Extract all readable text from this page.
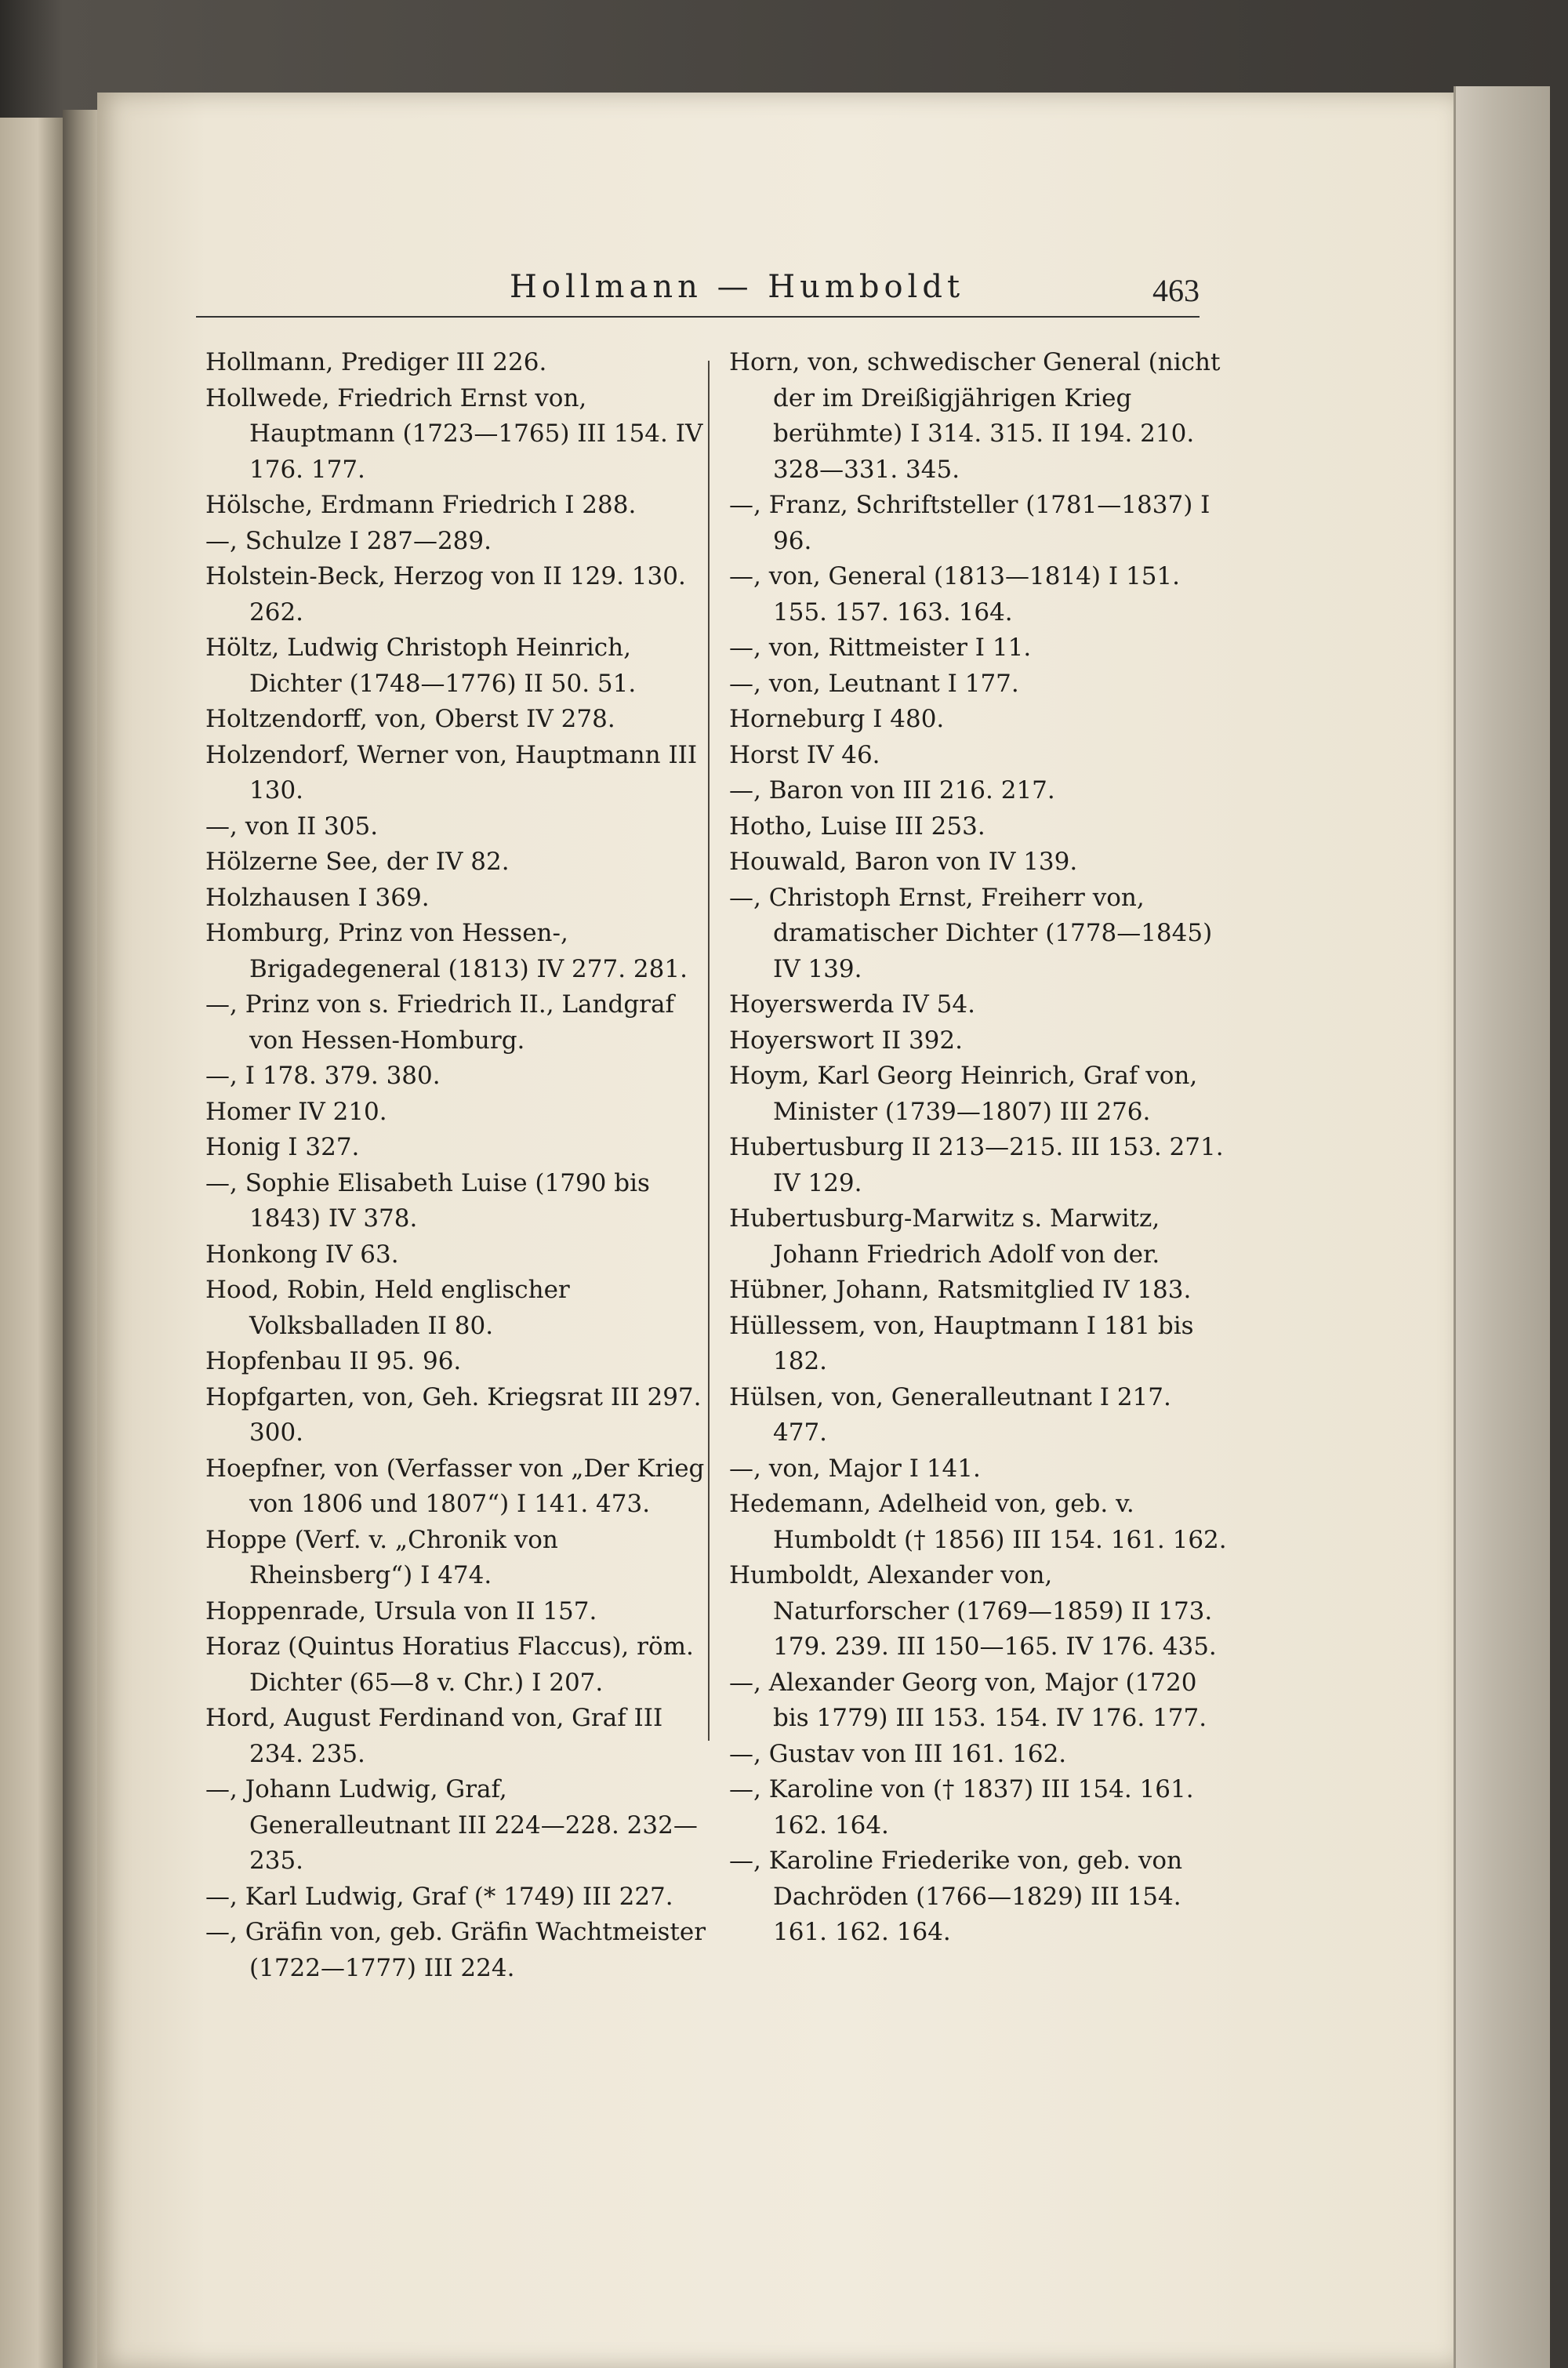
Hollmann — Humboldt	463

Hollmann, Prediger III 226.

Hollwede, Friedrich Ernst von, Hauptmann (1723—1765) III 154. IV 176. 177.

Hölsche, Erdmann Friedrich I 288.

—, Schulze I 287—289.

Holstein-Beck, Herzog von II 129. 130. 262.

Höltz, Ludwig Christoph Heinrich, Dichter (1748—1776) II 50. 51.

Holtzendorff, von, Oberst IV 278.

Holzendorf, Werner von, Hauptmann III 130.

—, von II 305.

Hölzerne See, der IV 82.

Holzhausen I 369.

Homburg, Prinz von Hessen-, Brigadegeneral (1813) IV 277. 281.

—, Prinz von s. Friedrich II., Landgraf von Hessen-Homburg.

—, I 178. 379. 380.

Homer IV 210.

Honig I 327.

—, Sophie Elisabeth Luise (1790 bis 1843) IV 378.

Honkong IV 63.

Hood, Robin, Held englischer Volksballaden II 80.

Hopfenbau II 95. 96.

Hopfgarten, von, Geh. Kriegsrat III 297. 300.

Hoepfner, von (Verfasser von „Der Krieg von 1806 und 1807“) I 141. 473.

Hoppe (Verf. v. „Chronik von Rheinsberg“) I 474.

Hoppenrade, Ursula von II 157.

Horaz (Quintus Horatius Flaccus), röm. Dichter (65—8 v. Chr.) I 207.

Hord, August Ferdinand von, Graf III 234. 235.

—, Johann Ludwig, Graf, Generalleutnant III 224—228. 232—235.

—, Karl Ludwig, Graf (* 1749) III 227.

—, Gräfin von, geb. Gräfin Wachtmeister (1722—1777) III 224.

Horn, von, schwedischer General (nicht der im Dreißigjährigen Krieg berühmte) I 314. 315. II 194. 210. 328—331. 345.

—, Franz, Schriftsteller (1781—1837) I 96.

—, von, General (1813—1814) I 151. 155. 157. 163. 164.

—, von, Rittmeister I 11.

—, von, Leutnant I 177.

Horneburg I 480.

Horst IV 46.

—, Baron von III 216. 217.

Hotho, Luise III 253.

Houwald, Baron von IV 139.

—, Christoph Ernst, Freiherr von, dramatischer Dichter (1778—1845) IV 139.

Hoyerswerda IV 54.

Hoyerswort II 392.

Hoym, Karl Georg Heinrich, Graf von, Minister (1739—1807) III 276.

Hubertusburg II 213—215. III 153. 271. IV 129.

Hubertusburg-Marwitz s. Marwitz, Johann Friedrich Adolf von der.

Hübner, Johann, Ratsmitglied IV 183.

Hüllessem, von, Hauptmann I 181 bis 182.

Hülsen, von, Generalleutnant I 217. 477.

—, von, Major I 141.

Hedemann, Adelheid von, geb. v. Humboldt († 1856) III 154. 161. 162.

Humboldt, Alexander von, Naturforscher (1769—1859) II 173. 179. 239. III 150—165. IV 176. 435.

—, Alexander Georg von, Major (1720 bis 1779) III 153. 154. IV 176. 177.

—, Gustav von III 161. 162.

—, Karoline von († 1837) III 154. 161. 162. 164.

—, Karoline Friederike von, geb. von Dachröden (1766—1829) III 154. 161. 162. 164.
